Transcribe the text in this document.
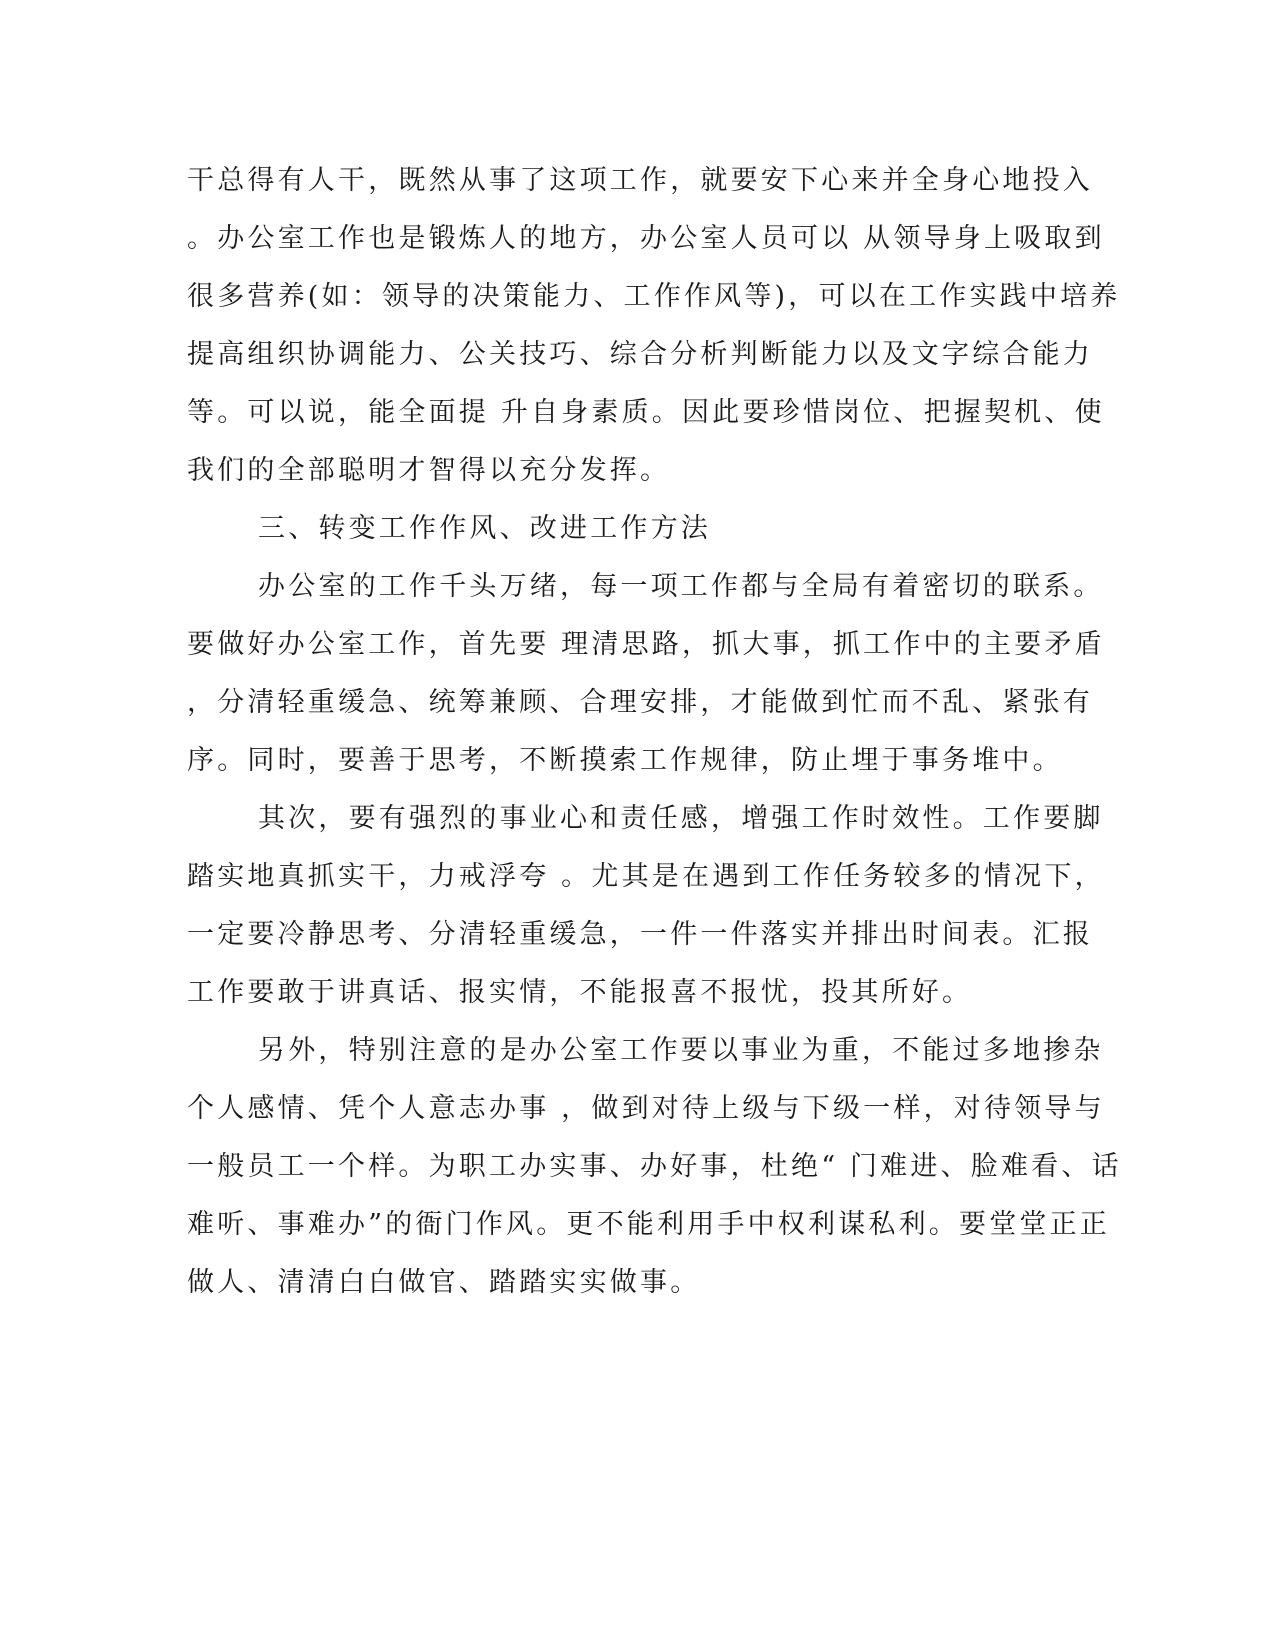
干总得有人干，既然从事了这项工作，就要安下心来并全身心地投入
。办公室工作也是锻炼人的地方，办公室人员可以 从领导身上吸取到
很多营养(如：领导的决策能力、工作作风等)，可以在工作实践中培养
提高组织协调能力、公关技巧、综合分析判断能力以及文字综合能力
等。可以说，能全面提 升自身素质。因此要珍惜岗位、把握契机、使
我们的全部聪明才智得以充分发挥。
三、转变工作作风、改进工作方法
办公室的工作千头万绪，每一项工作都与全局有着密切的联系。
要做好办公室工作，首先要 理清思路，抓大事，抓工作中的主要矛盾
，分清轻重缓急、统筹兼顾、合理安排，才能做到忙而不乱、紧张有
序。同时，要善于思考，不断摸索工作规律，防止埋于事务堆中。
其次，要有强烈的事业心和责任感，增强工作时效性。工作要脚
踏实地真抓实干，力戒浮夸 。尤其是在遇到工作任务较多的情况下，
一定要冷静思考、分清轻重缓急，一件一件落实并排出时间表。汇报
工作要敢于讲真话、报实情，不能报喜不报忧，投其所好。
另外，特别注意的是办公室工作要以事业为重，不能过多地掺杂
个人感情、凭个人意志办事 ，做到对待上级与下级一样，对待领导与
一般员工一个样。为职工办实事、办好事，杜绝“ 门难进、脸难看、话
难听、事难办”的衙门作风。更不能利用手中权利谋私利。要堂堂正正
做人、清清白白做官、踏踏实实做事。
